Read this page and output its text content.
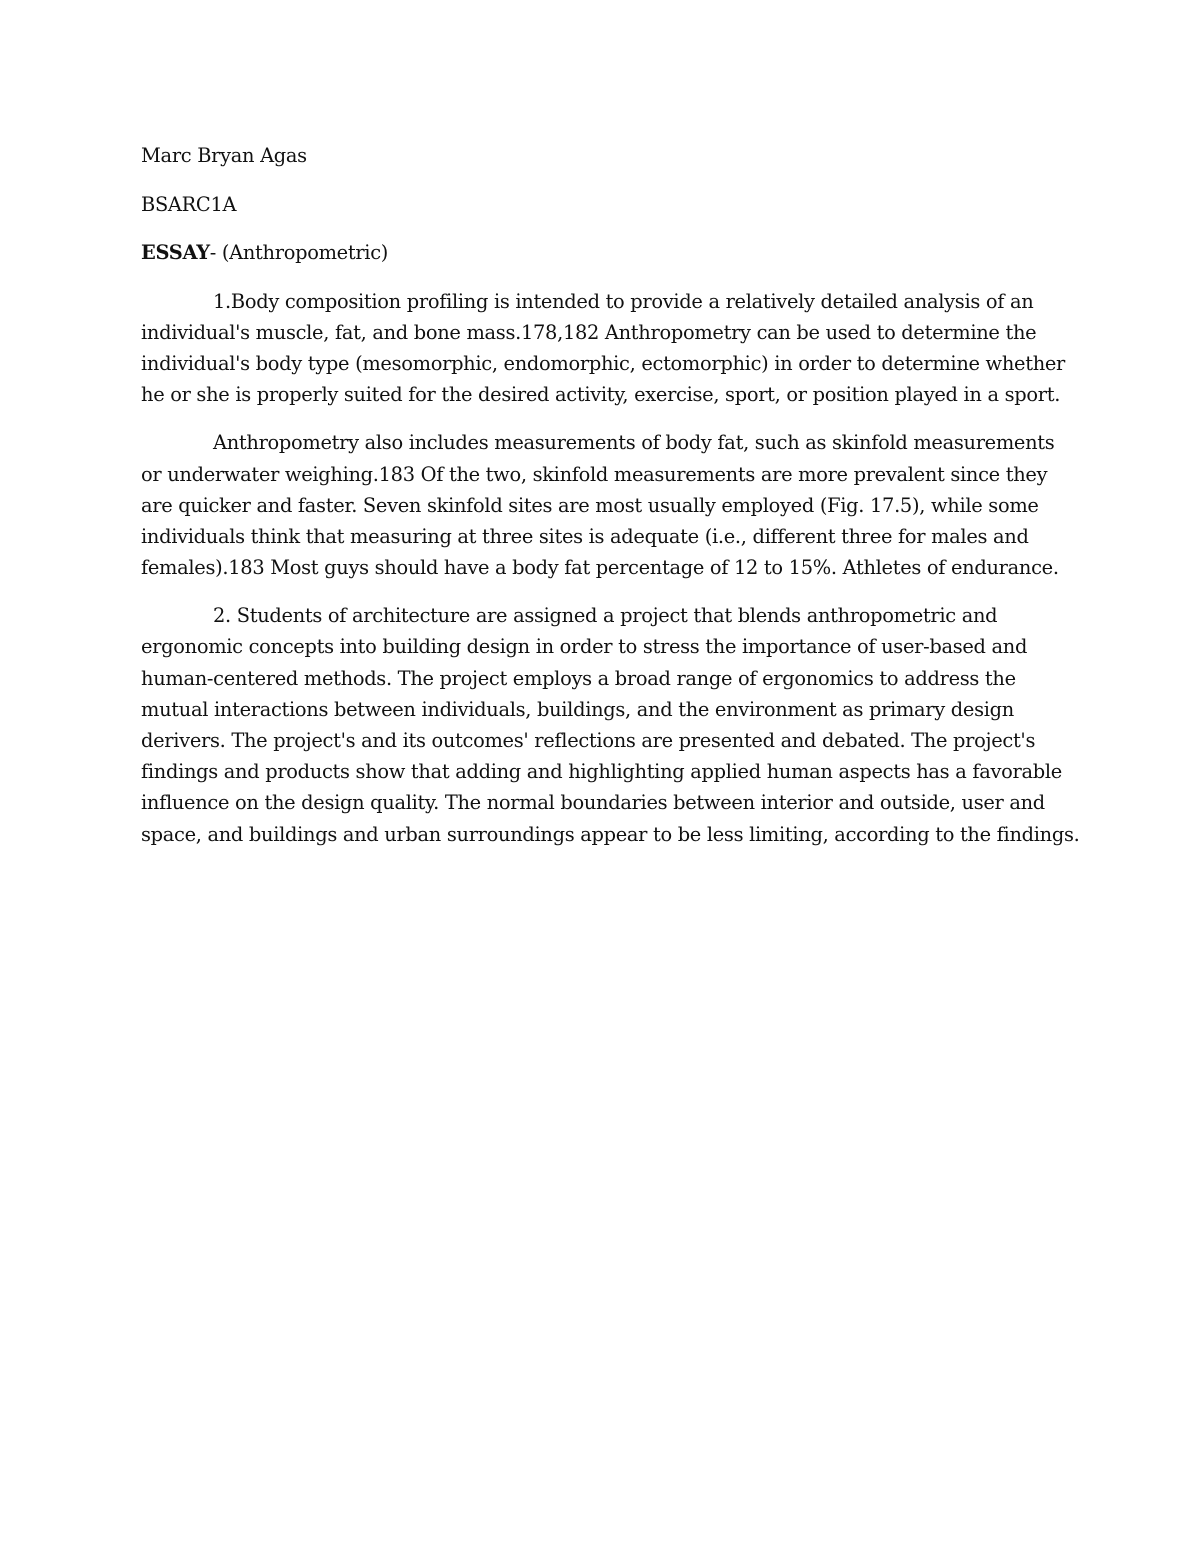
Marc Bryan Agas

BSARC1A

ESSAY- (Anthropometric)

1.Body composition profiling is intended to provide a relatively detailed analysis of an

individual's muscle, fat, and bone mass.178,182 Anthropometry can be used to determine the

individual's body type (mesomorphic, endomorphic, ectomorphic) in order to determine whether

he or she is properly suited for the desired activity, exercise, sport, or position played in a sport.

Anthropometry also includes measurements of body fat, such as skinfold measurements

or underwater weighing.183 Of the two, skinfold measurements are more prevalent since they

are quicker and faster. Seven skinfold sites are most usually employed (Fig. 17.5), while some

individuals think that measuring at three sites is adequate (i.e., different three for males and

females).183 Most guys should have a body fat percentage of 12 to 15%. Athletes of endurance.

2. Students of architecture are assigned a project that blends anthropometric and

ergonomic concepts into building design in order to stress the importance of user-based and

human-centered methods. The project employs a broad range of ergonomics to address the

mutual interactions between individuals, buildings, and the environment as primary design

derivers. The project's and its outcomes' reflections are presented and debated. The project's

findings and products show that adding and highlighting applied human aspects has a favorable

influence on the design quality. The normal boundaries between interior and outside, user and

space, and buildings and urban surroundings appear to be less limiting, according to the findings.
